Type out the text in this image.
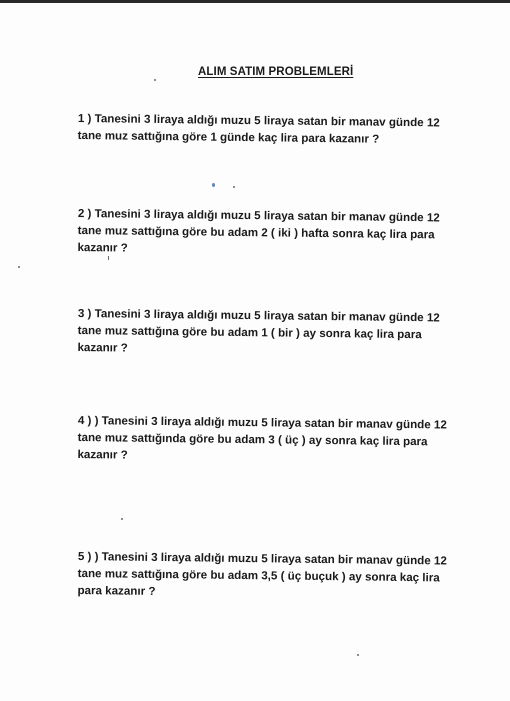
ALIM SATIM PROBLEMLERİ
1 ) Tanesini 3 liraya aldığı muzu 5 liraya satan bir manav günde 12
tane muz sattığına göre 1 günde kaç lira para kazanır ?
2 ) Tanesini 3 liraya aldığı muzu 5 liraya satan bir manav günde 12
tane muz sattığına göre bu adam 2 ( iki ) hafta sonra kaç lira para
kazanır ?
3 ) Tanesini 3 liraya aldığı muzu 5 liraya satan bir manav günde 12
tane muz sattığına göre bu adam 1 ( bir ) ay sonra kaç lira para
kazanır ?
4 ) ) Tanesini 3 liraya aldığı muzu 5 liraya satan bir manav günde 12
tane muz sattığında göre bu adam 3 ( üç ) ay sonra kaç lira para
kazanır ?
5 ) ) Tanesini 3 liraya aldığı muzu 5 liraya satan bir manav günde 12
tane muz sattığına göre bu adam 3,5 ( üç buçuk ) ay sonra kaç lira
para kazanır ?
